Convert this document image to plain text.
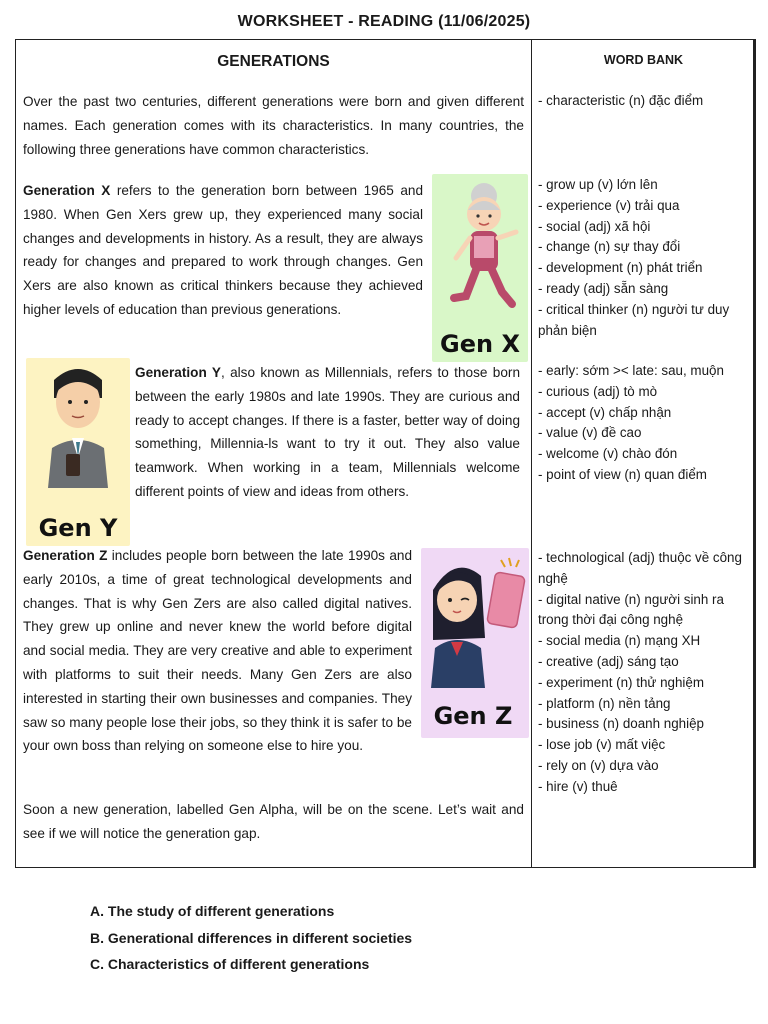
WORKSHEET - READING (11/06/2025)
GENERATIONS
Over the past two centuries, different generations were born and given different names. Each generation comes with its characteristics. In many countries, the following three generations have common characteristics.
Generation X refers to the generation born between 1965 and 1980. When Gen Xers grew up, they experienced many social changes and developments in history. As a result, they are always ready for changes and prepared to work through changes. Gen Xers are also known as critical thinkers because they achieved higher levels of education than previous generations.
Gen X
Gen Y
Generation Y, also known as Millennials, refers to those born between the early 1980s and late 1990s. They are curious and ready to accept changes. If there is a faster, better way of doing something, Millennia-ls want to try it out. They also value teamwork. When working in a team, Millennials welcome different points of view and ideas from others.
Generation Z includes people born between the late 1990s and early 2010s, a time of great technological developments and changes. That is why Gen Zers are also called digital natives. They grew up online and never knew the world before digital and social media. They are very creative and able to experiment with platforms to suit their needs. Many Gen Zers are also interested in starting their own businesses and companies. They saw so many people lose their jobs, so they think it is safer to be your own boss than relying on someone else to hire you.
Gen Z
Soon a new generation, labelled Gen Alpha, will be on the scene. Let’s wait and see if we will notice the generation gap.
WORD BANK
- characteristic (n) đặc điểm
- grow up (v) lớn lên
- experience (v) trải qua
- social (adj) xã hội
- change (n) sự thay đổi
- development (n) phát triển
- ready (adj) sẵn sàng
- critical thinker (n) người tư duy phản biện
- early: sớm >< late: sau, muộn
- curious (adj) tò mò
- accept (v) chấp nhận
- value (v) đề cao
- welcome (v) chào đón
- point of view (n) quan điểm
- technological (adj) thuộc về công nghệ
- digital native (n) người sinh ra trong thời đại công nghệ
- social media (n) mạng XH
- creative (adj) sáng tạo
- experiment (n) thử nghiệm
- platform (n) nền tảng
- business (n) doanh nghiệp
- lose job (v) mất việc
- rely on (v) dựa vào
- hire (v) thuê
A. The study of different generations
B. Generational differences in different societies
C. Characteristics of different generations
